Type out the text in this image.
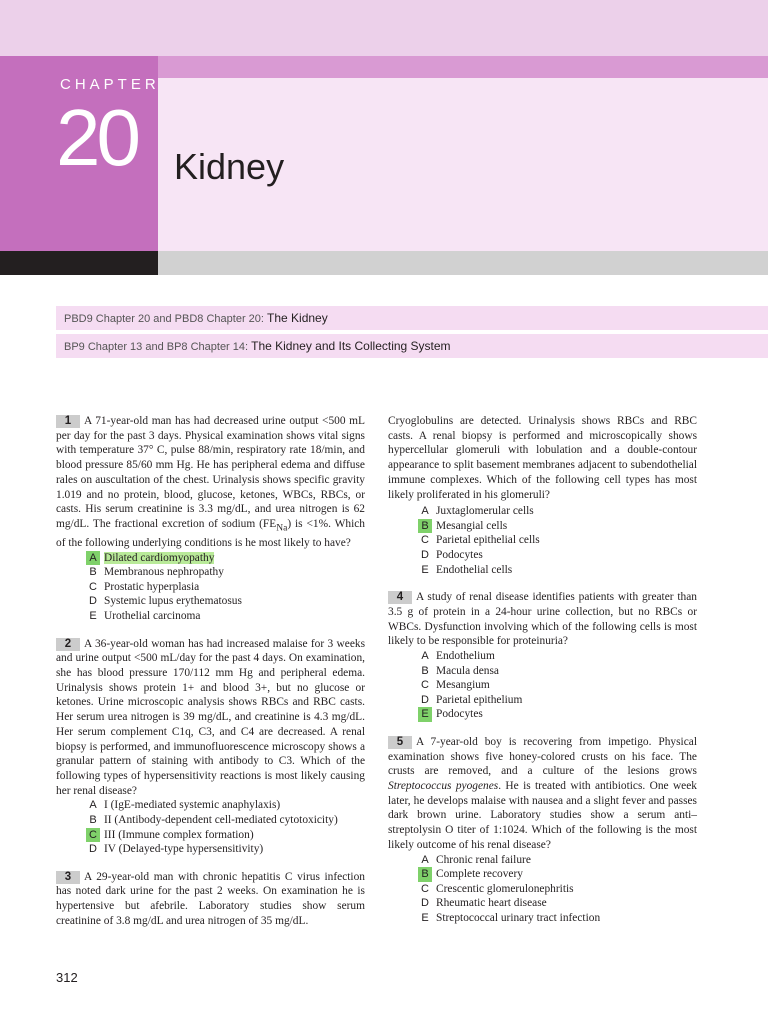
CHAPTER
20 Kidney
PBD9 Chapter 20 and PBD8 Chapter 20: The Kidney
BP9 Chapter 13 and BP8 Chapter 14: The Kidney and Its Collecting System

1 A 71-year-old man has had decreased urine output <500 mL per day for the past 3 days. Physical examination shows vital signs with temperature 37° C, pulse 88/min, respiratory rate 18/min, and blood pressure 85/60 mm Hg. He has peripheral edema and diffuse rales on auscultation of the chest. Urinalysis shows specific gravity 1.019 and no protein, blood, glucose, ketones, WBCs, RBCs, or casts. His serum creatinine is 3.3 mg/dL, and urea nitrogen is 62 mg/dL. The fractional excretion of sodium $(FE_{Na})$ is <1%. Which of the following underlying conditions is he most likely to have?

A Dilated cardiomyopathy
B Membranous nephropathy
C Prostatic hyperplasia
D Systemic lupus erythematosus
E Urothelial carcinoma

2 A 36-year-old woman has had increased malaise for 3 weeks and urine output <500 mL/day for the past 4 days. On examination, she has blood pressure 170/112 mm Hg and peripheral edema. Urinalysis shows protein 1+ and blood 3+, but no glucose or ketones. Urine microscopic analysis shows RBCs and RBC casts. Her serum urea nitrogen is 39 mg/dL, and creatinine is 4.3 mg/dL. Her serum complement C1q, C3, and C4 are decreased. A renal biopsy is performed, and immunofluorescence microscopy shows a granular pattern of staining with antibody to C3. Which of the following types of hypersensitivity reactions is most likely causing her renal disease?

A I (IgE-mediated systemic anaphylaxis)
B II (Antibody-dependent cell-mediated cytotoxicity)
C III (Immune complex formation)
D IV (Delayed-type hypersensitivity)

3 A 29-year-old man with chronic hepatitis C virus infection has noted dark urine for the past 2 weeks. On examination he is hypertensive but afebrile. Laboratory studies show serum creatinine of 3.8 mg/dL and urea nitrogen of 35 mg/dL.

Cryoglobulins are detected. Urinalysis shows RBCs and RBC casts. A renal biopsy is performed and microscopically shows hypercellular glomeruli with lobulation and a double-contour appearance to split basement membranes adjacent to subendothelial immune complexes. Which of the following cell types has most likely proliferated in his glomeruli?

A Juxtaglomerular cells
B Mesangial cells
C Parietal epithelial cells
D Podocytes
E Endothelial cells

4 A study of renal disease identifies patients with greater than 3.5 g of protein in a 24-hour urine collection, but no RBCs or WBCs. Dysfunction involving which of the following cells is most likely to be responsible for proteinuria?

A Endothelium
B Macula densa
C Mesangium
D Parietal epithelium
E Podocytes

5 A 7-year-old boy is recovering from impetigo. Physical examination shows five honey-colored crusts on his face. The crusts are removed, and a culture of the lesions grows Streptococcus pyogenes. He is treated with antibiotics. One week later, he develops malaise with nausea and a slight fever and passes dark brown urine. Laboratory studies show a serum anti–streptolysin O titer of 1:1024. Which of the following is the most likely outcome of his renal disease?

A Chronic renal failure
B Complete recovery
C Crescentic glomerulonephritis
D Rheumatic heart disease
E Streptococcal urinary tract infection
312
